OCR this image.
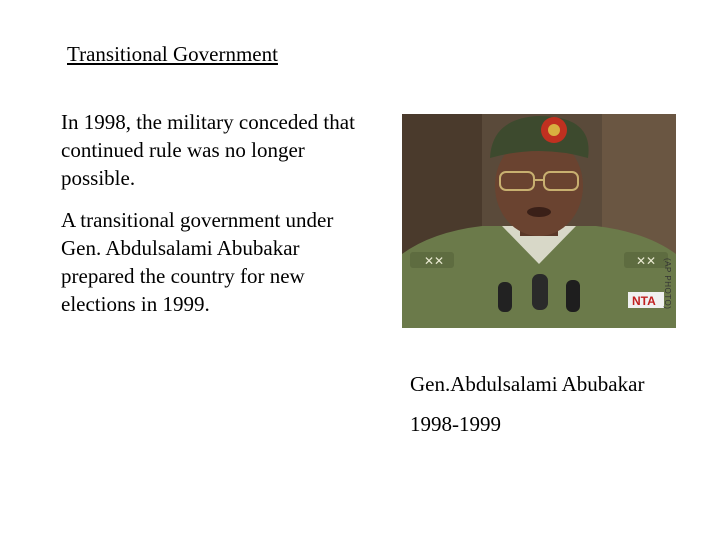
Transitional Government

In 1998, the military conceded that continued rule was no longer possible.

A transitional government under Gen. Abdulsalami Abubakar prepared the country for new elections in 1999.

✕✕	✕✕
NTA (AP PHOTO)
Gen.Abdulsalami Abubakar
1998-1999
